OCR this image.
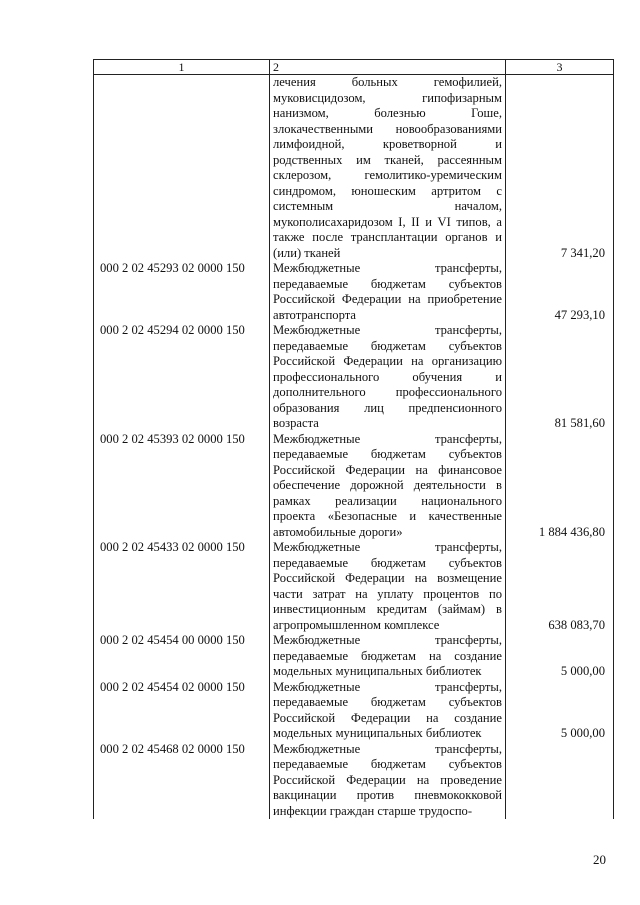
1	2	3
	лечения больных гемофилией, муковисцидозом, гипофизарным нанизмом, болезнью Гоше, злокачественными новообразованиями лимфоидной, кроветворной и родственных им тканей, рассеянным склерозом, гемолитико-уремическим синдромом, юношеским артритом с системным началом, мукополисахаридозом I, II и VI типов, а также после трансплантации органов и (или) тканей	7 341,20
000 2 02 45293 02 0000 150	Межбюджетные трансферты, передаваемые бюджетам субъектов Российской Федерации на приобретение автотранспорта	47 293,10
000 2 02 45294 02 0000 150	Межбюджетные трансферты, передаваемые бюджетам субъектов Российской Федерации на организацию профессионального обучения и дополнительного профессионального образования лиц предпенсионного возраста	81 581,60
000 2 02 45393 02 0000 150	Межбюджетные трансферты, передаваемые бюджетам субъектов Российской Федерации на финансовое обеспечение дорожной деятельности в рамках реализации национального проекта «Безопасные и качественные автомобильные дороги»	1 884 436,80
000 2 02 45433 02 0000 150	Межбюджетные трансферты, передаваемые бюджетам субъектов Российской Федерации на возмещение части затрат на уплату процентов по инвестиционным кредитам (займам) в агропромышленном комплексе	638 083,70
000 2 02 45454 00 0000 150	Межбюджетные трансферты, передаваемые бюджетам на создание модельных муниципальных библиотек	5 000,00
000 2 02 45454 02 0000 150	Межбюджетные трансферты, передаваемые бюджетам субъектов Российской Федерации на создание модельных муниципальных библиотек	5 000,00
000 2 02 45468 02 0000 150	Межбюджетные трансферты, передаваемые бюджетам субъектов Российской Федерации на проведение вакцинации против пневмококковой инфекции граждан старше трудоспо-	
20
